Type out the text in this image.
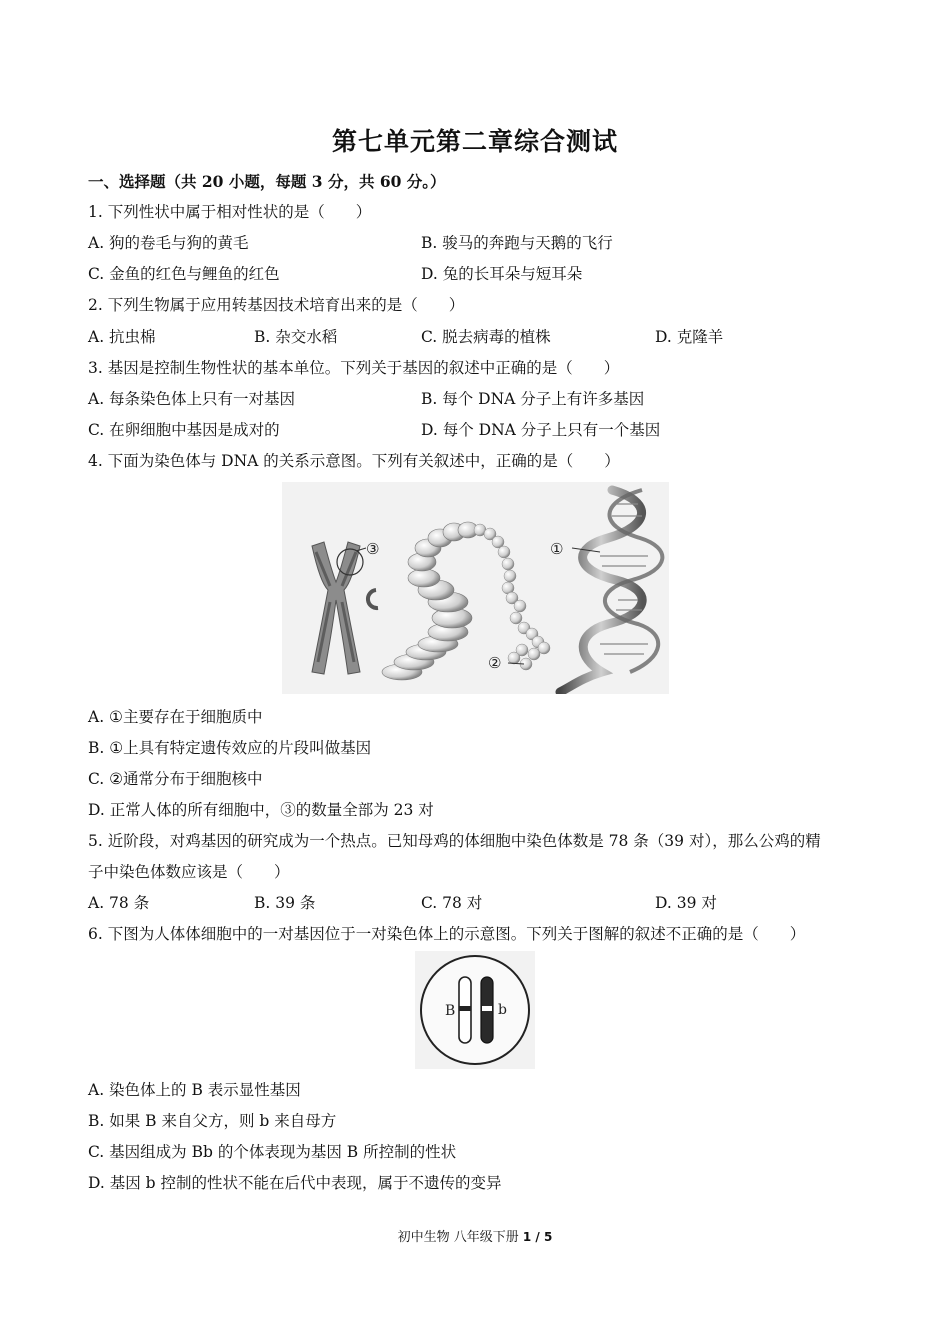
第七单元第二章综合测试
一、选择题（共 20 小题，每题 3 分，共 60 分。）
1. 下列性状中属于相对性状的是（　　）
A. 狗的卷毛与狗的黄毛	B. 骏马的奔跑与天鹅的飞行
C. 金鱼的红色与鲤鱼的红色	D. 兔的长耳朵与短耳朵
2. 下列生物属于应用转基因技术培育出来的是（　　）
A. 抗虫棉	B. 杂交水稻	C. 脱去病毒的植株	D. 克隆羊
3. 基因是控制生物性状的基本单位。下列关于基因的叙述中正确的是（　　）
A. 每条染色体上只有一对基因	B. 每个 DNA 分子上有许多基因
C. 在卵细胞中基因是成对的	D. 每个 DNA 分子上只有一个基因
4. 下面为染色体与 DNA 的关系示意图。下列有关叙述中，正确的是（　　）
③
②
①
A. ①主要存在于细胞质中
B. ①上具有特定遗传效应的片段叫做基因
C. ②通常分布于细胞核中
D. 正常人体的所有细胞中，③的数量全部为 23 对
5. 近阶段，对鸡基因的研究成为一个热点。已知母鸡的体细胞中染色体数是 78 条（39 对），那么公鸡的精
子中染色体数应该是（　　）
A. 78 条	B. 39 条	C. 78 对	D. 39 对
6. 下图为人体体细胞中的一对基因位于一对染色体上的示意图。下列关于图解的叙述不正确的是（　　）
B	b
A. 染色体上的 B 表示显性基因
B. 如果 B 来自父方，则 b 来自母方
C. 基因组成为 Bb 的个体表现为基因 B 所控制的性状
D. 基因 b 控制的性状不能在后代中表现，属于不遗传的变异
初中生物 八年级下册 1 / 5
